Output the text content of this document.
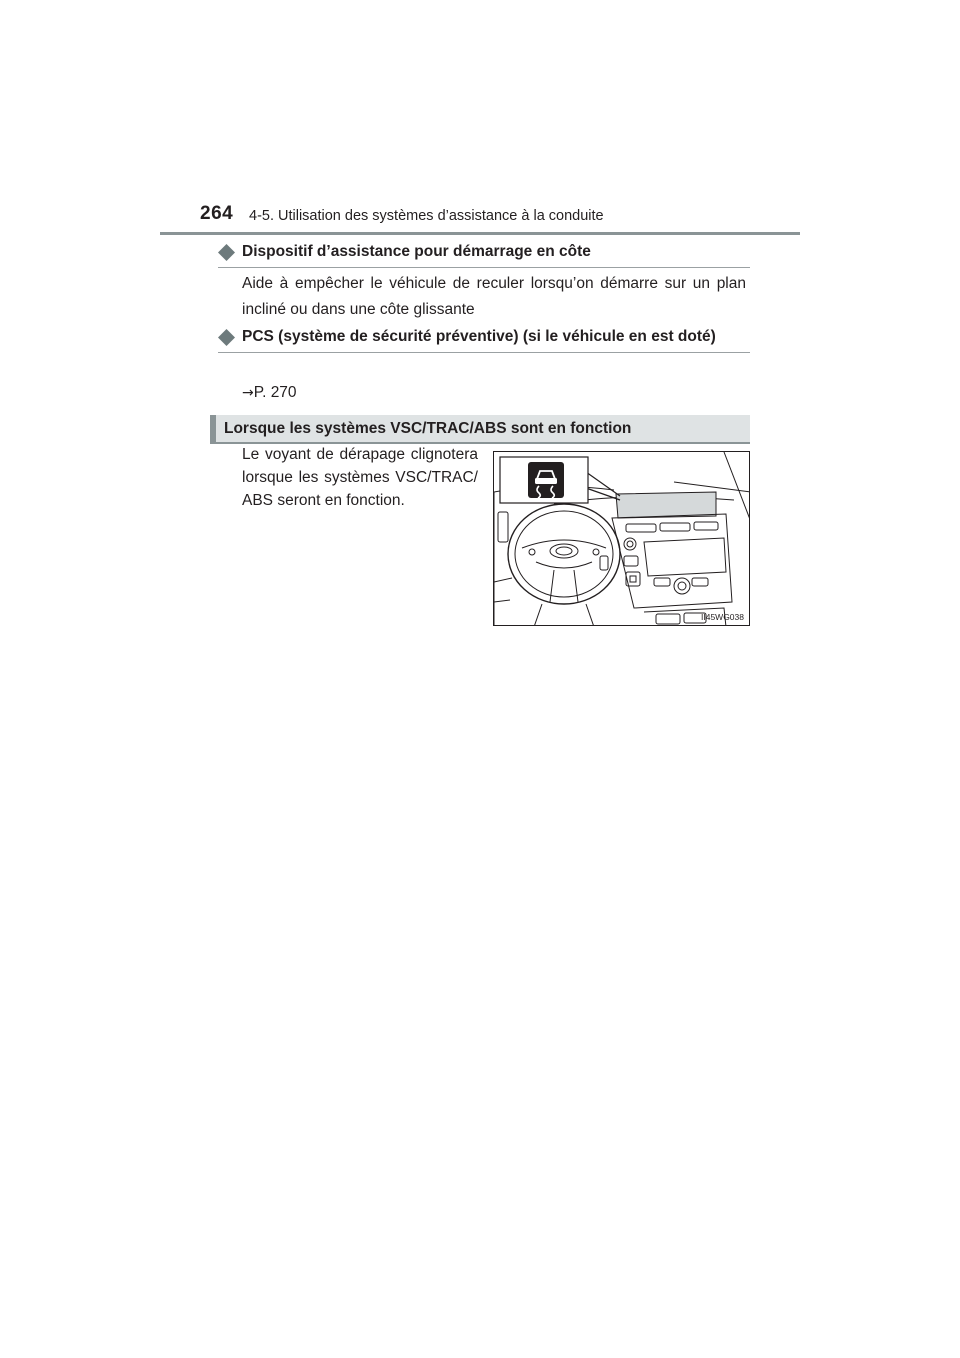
264 4-5. Utilisation des systèmes d’assistance à la conduite
Dispositif d’assistance pour démarrage en côte
Aide à empêcher le véhicule de reculer lorsqu’on démarre sur un plan incliné ou dans une côte glissante
PCS (système de sécurité préventive) (si le véhicule en est doté)
→P. 270
Lorsque les systèmes VSC/TRAC/ABS sont en fonction
Le voyant de dérapage clignotera lorsque les systèmes VSC/TRAC/ ABS seront en fonction.
II45WG038
